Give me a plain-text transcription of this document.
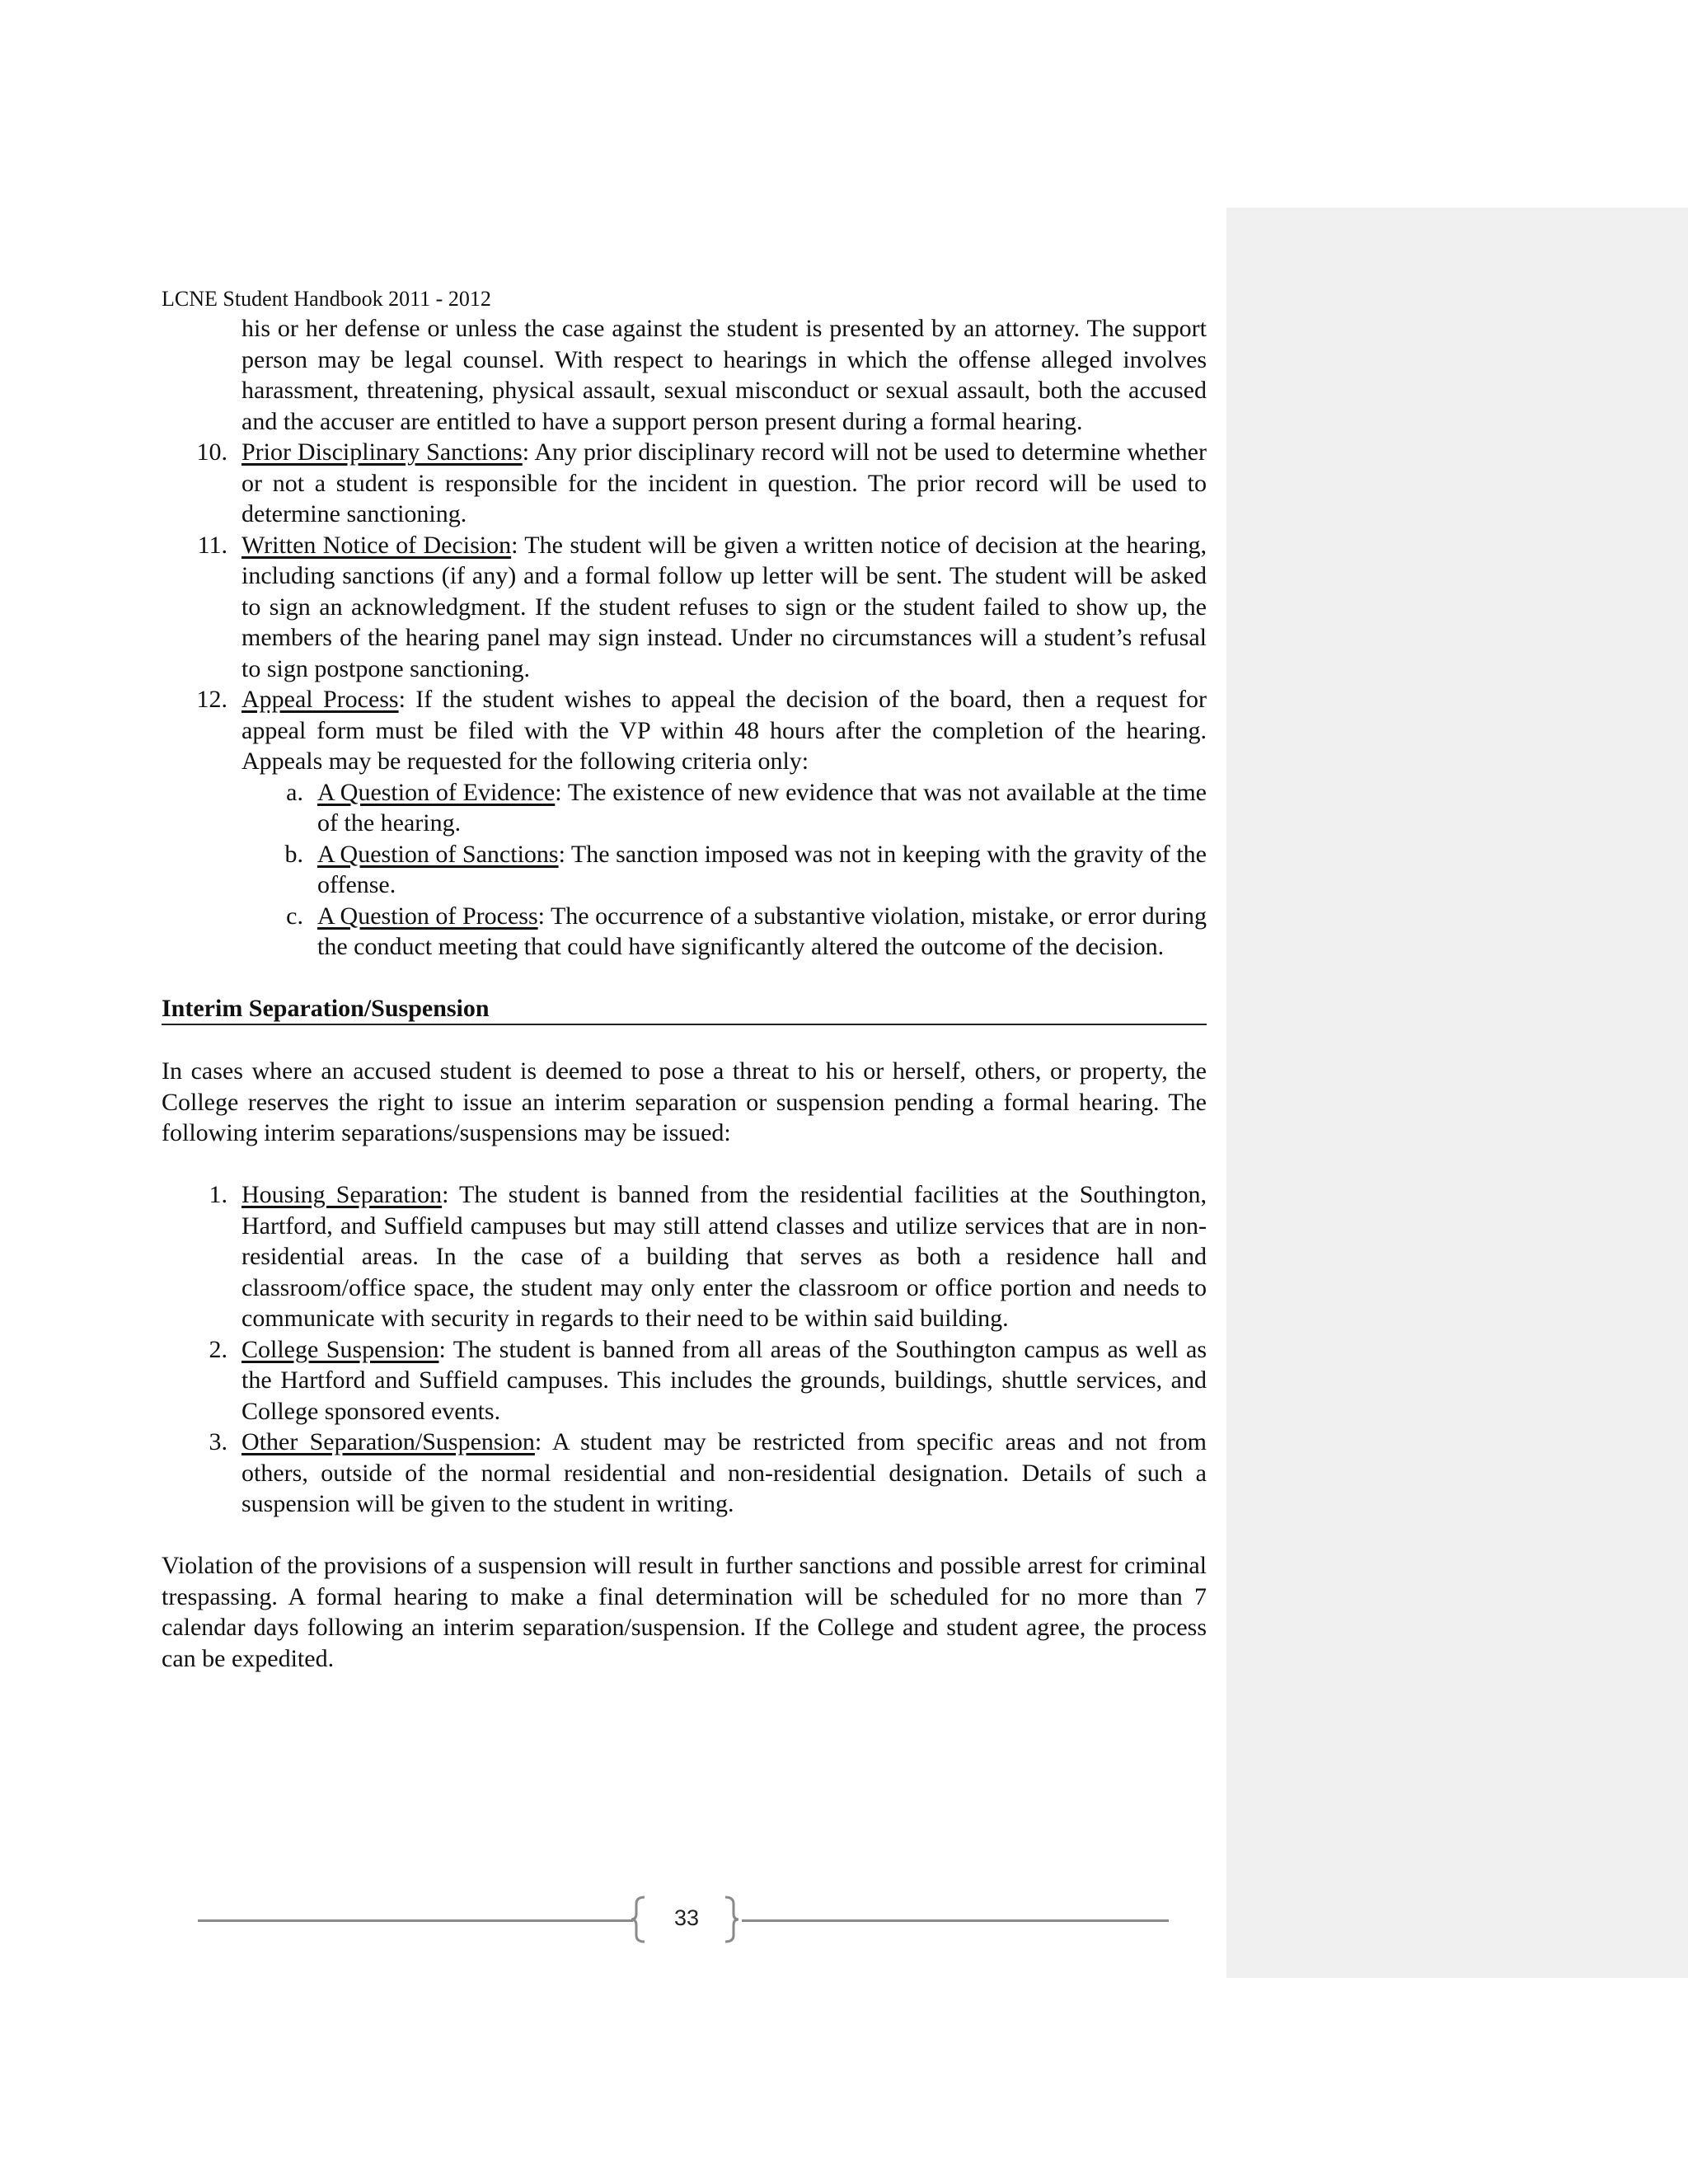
LCNE Student Handbook 2011 - 2012

his or her defense or unless the case against the student is presented by an attorney. The support person may be legal counsel. With respect to hearings in which the offense alleged involves harassment, threatening, physical assault, sexual misconduct or sexual assault, both the accused and the accuser are entitled to have a support person present during a formal hearing.

10. Prior Disciplinary Sanctions: Any prior disciplinary record will not be used to determine whether or not a student is responsible for the incident in question. The prior record will be used to determine sanctioning.

11. Written Notice of Decision: The student will be given a written notice of decision at the hearing, including sanctions (if any) and a formal follow up letter will be sent. The student will be asked to sign an acknowledgment. If the student refuses to sign or the student failed to show up, the members of the hearing panel may sign instead. Under no circumstances will a student’s refusal to sign postpone sanctioning.

12. Appeal Process: If the student wishes to appeal the decision of the board, then a request for appeal form must be filed with the VP within 48 hours after the completion of the hearing. Appeals may be requested for the following criteria only:

a. A Question of Evidence: The existence of new evidence that was not available at the time of the hearing.

b. A Question of Sanctions: The sanction imposed was not in keeping with the gravity of the offense.

c. A Question of Process: The occurrence of a substantive violation, mistake, or error during the conduct meeting that could have significantly altered the outcome of the decision.

Interim Separation/Suspension

In cases where an accused student is deemed to pose a threat to his or herself, others, or property, the College reserves the right to issue an interim separation or suspension pending a formal hearing. The following interim separations/suspensions may be issued:

1. Housing Separation: The student is banned from the residential facilities at the Southington, Hartford, and Suffield campuses but may still attend classes and utilize services that are in non-residential areas. In the case of a building that serves as both a residence hall and classroom/office space, the student may only enter the classroom or office portion and needs to communicate with security in regards to their need to be within said building.

2. College Suspension: The student is banned from all areas of the Southington campus as well as the Hartford and Suffield campuses. This includes the grounds, buildings, shuttle services, and College sponsored events.

3. Other Separation/Suspension: A student may be restricted from specific areas and not from others, outside of the normal residential and non-residential designation. Details of such a suspension will be given to the student in writing.

Violation of the provisions of a suspension will result in further sanctions and possible arrest for criminal trespassing. A formal hearing to make a final determination will be scheduled for no more than 7 calendar days following an interim separation/suspension. If the College and student agree, the process can be expedited.

33
